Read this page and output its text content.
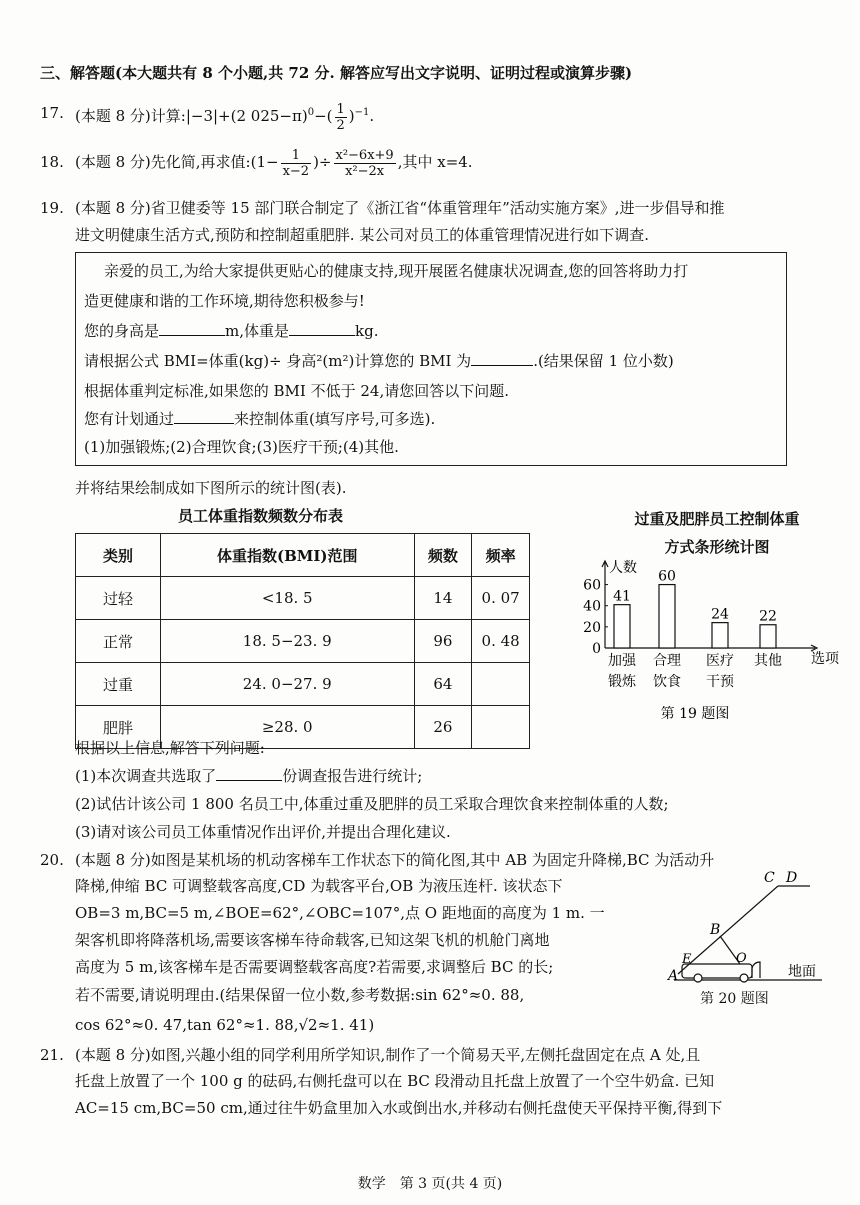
三、解答题(本大题共有 8 个小题,共 72 分. 解答应写出文字说明、证明过程或演算步骤)
17. (本题 8 分)计算:|−3|+(2 $025-\pi)^0-( \frac{1}{2} )^{-1}$.
18. (本题 8 分)先化简,再求值:(1− $\frac{1}{x-2}$ )÷ $\frac{\text{x²−6x+9}}{\text{x²−2x}}$ ,其中 x=4.
19. (本题 8 分)省卫健委等 15 部门联合制定了《浙江省“体重管理年”活动实施方案》,进一步倡导和推
进文明健康生活方式,预防和控制超重肥胖. 某公司对员工的体重管理情况进行如下调查.
亲爱的员工,为给大家提供更贴心的健康支持,现开展匿名健康状况调查,您的回答将助力打
造更健康和谐的工作环境,期待您积极参与!
您的身高是	m,体重是	kg.
请根据公式 BMI=体重(kg)÷ 身高²(m²)计算您的 BMI 为	.(结果保留 1 位小数)
根据体重判定标准,如果您的 BMI 不低于 24,请您回答以下问题.
您有计划通过	来控制体重(填写序号,可多选).
(1)加强锻炼;(2)合理饮食;(3)医疗干预;(4)其他.
并将结果绘制成如下图所示的统计图(表).
员工体重指数频数分布表
类别	体重指数(BMI)范围	频数	频率
过轻	<18. 5	14	0. 07
正常	18. 5−23. 9	96	0. 48
过重	24. 0−27. 9	64	
肥胖	≥28. 0	26	
过重及肥胖员工控制体重
方式条形统计图
人数
选项
0
20
40
60
41
加强
锻炼
60
合理
饮食
24
医疗
干预
22
其他
第 19 题图
根据以上信息,解答下列问题:
(1)本次调查共选取了	份调查报告进行统计;
(2)试估计该公司 1 800 名员工中,体重过重及肥胖的员工采取合理饮食来控制体重的人数;
(3)请对该公司员工体重情况作出评价,并提出合理化建议.
20. (本题 8 分)如图是某机场的机动客梯车工作状态下的简化图,其中 AB 为固定升降梯,BC 为活动升
降梯,伸缩 BC 可调整载客高度,CD 为载客平台,OB 为液压连杆. 该状态下
OB=3 m,BC=5 m,∠BOE=62°,∠OBC=107°,点 O 距地面的高度为 1 m. 一
架客机即将降落机场,需要该客梯车待命载客,已知这架飞机的机舱门离地
高度为 5 m,该客梯车是否需要调整载客高度?若需要,求调整后 BC 的长;
若不需要,请说明理由.(结果保留一位小数,参考数据:sin 62°≈0. 88,
cos 62°≈0. 47,tan 62°≈1. 88,√2≈1. 41)
A
B
C D
E	O
地面
第 20 题图
21. (本题 8 分)如图,兴趣小组的同学利用所学知识,制作了一个简易天平,左侧托盘固定在点 A 处,且
托盘上放置了一个 100 g 的砝码,右侧托盘可以在 BC 段滑动且托盘上放置了一个空牛奶盒. 已知
AC=15 cm,BC=50 cm,通过往牛奶盒里加入水或倒出水,并移动右侧托盘使天平保持平衡,得到下
数学　第 3 页(共 4 页)
